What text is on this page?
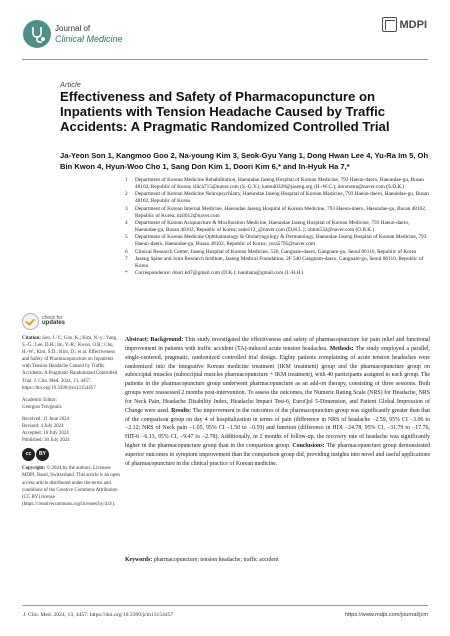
Journal of
Clinical Medicine
MDPI
Article
Effectiveness and Safety of Pharmacopuncture on Inpatients with Tension Headache Caused by Traffic Accidents: A Pragmatic Randomized Controlled Trial
Ja-Yeon Son 1, Kangmoo Goo 2, Na-young Kim 3, Seok-Gyu Yang 1, Dong Hwan Lee 4, Yu-Ra Im 5, Oh Bin Kwon 4, Hyun-Woo Cho 1, Sang Don Kim 1, Doori Kim 6,* and In-Hyuk Ha 7,*
1	Department of Korean Medicine Rehabilitation, Haeundae Jaseng Hospital of Korean Medicine, 793 Haeun-daero, Haeundae-gu, Busan 48102, Republic of Korea; silica715@naver.com (S.-G.Y.); kamui0328@jaseng.org (H.-W.C.); donmutra@naver.com (S.D.K.)
2	Department of Korean Medicine Neuropsychiatry, Haeundae Jaseng Hospital of Korean Medicine, 793 Haeun-daero, Haeundae-gu, Busan 48102, Republic of Korea
3	Department of Korean Internal Medicine, Haeundae Jaseng Hospital of Korean Medicine, 793 Haeun-daero, Haeundae-gu, Busan 48102, Republic of Korea; nzil012@naver.com
4	Department of Korean Acupuncture & Moxibustion Medicine, Haeundae Jaseng Hospital of Korean Medicine, 793 Haeun-daero, Haeundae-gu, Busan 48102, Republic of Korea; asde112_@naver.com (D.H.L.); obbin532@naver.com (O.B.K.)
5	Department of Korean Medicine Ophthalmology & Otolaryngology & Dermatology, Haeundae Jaseng Hospital of Korean Medicine, 793 Haeun-daero, Haeundae-gu, Busan 48102, Republic of Korea; yura5795@naver.com
6	Clinical Research Center, Jaseng Hospital of Korean Medicine, 536, Gangnam-daero, Gangnam-gu, Seoul 06110, Republic of Korea
7	Jaseng Spine and Joint Research Institute, Jaseng Medical Foundation, 2F 540 Gangnam-daero, Gangnam-gu, Seoul 06110, Republic of Korea
*	Correspondence: doori.kd7@gmail.com (D.K.); hanihata@gmail.com (I.-H.H.)
check for
updates

Citation: Son, J.-Y.; Goo, K.; Kim, N.-y.; Yang, S.-G.; Lee, D.H.; Im, Y.-R.; Kwon, O.B.; Cho, H.-W.; Kim, S.D.; Kim, D.; et al. Effectiveness and Safety of Pharmacopuncture on Inpatients with Tension Headache Caused by Traffic Accidents: A Pragmatic Randomized Controlled Trial. J. Clin. Med. 2024, 13, 4457. https://doi.org/10.3390/jcm13154457

Academic Editor:
Georgios Tsivgoulis

Received: 11 June 2024
Revised: 4 July 2024
Accepted: 16 July 2024
Published: 30 July 2024

cc	BY

Copyright: © 2024 by the authors. Licensee MDPI, Basel, Switzerland. This article is an open access article distributed under the terms and conditions of the Creative Commons Attribution (CC BY) license (https://creativecommons.org/licenses/by/4.0/).

Abstract: Background: This study investigated the effectiveness and safety of pharmacopuncture for pain relief and functional improvement in patients with traffic accident (TA)-induced acute tension headaches. Methods: The study employed a parallel, single-centered, pragmatic, randomized controlled trial design. Eighty patients complaining of acute tension headaches were randomized into the integrative Korean medicine treatment (IKM treatment) group and the pharmacopuncture group on subocciptal muscles (subocciptal muscles pharmacopuncture + IKM treatment), with 40 participants assigned to each group. The patients in the pharmacopuncture group underwent pharmacopuncture as an add-on therapy, consisting of three sessions. Both groups were reassessed 2 months post-intervention. To assess the outcomes, the Numeric Rating Scale (NRS) for Headache, NRS for Neck Pain, Headache Disability Index, Headache Impact Test-6, EuroQol 5-Dimension, and Patient Global Impression of Change were used. Results: The improvement in the outcomes of the pharmacopuncture group was significantly greater than that of the comparison group on day 4 of hospitalization in terms of pain (difference in NRS of headache −2.59, 95% CI −3.06 to −2.12; NRS of Neck pain −1.05, 95% CI −1.50 to −0.59) and function (difference in HDI −24.78, 95% CI, −31.79 to −17.76; HIT-6 −6.13, 95% CI, −9.47 to −2.78). Additionally, in 2 months of follow-up, the recovery rate of headache was significantly higher in the pharmacopuncture group than in the comparison group. Conclusions: The pharmacopuncture group demonstrated superior outcomes in symptom improvement than the comparison group did, providing insights into novel and useful applications of pharmacopuncture in the clinical practice of Korean medicine.
Keywords: pharmacopuncture; tension headache; traffic accident
J. Clin. Med. 2024, 13, 4457. https://doi.org/10.3390/jcm13154457	https://www.mdpi.com/journal/jcm
